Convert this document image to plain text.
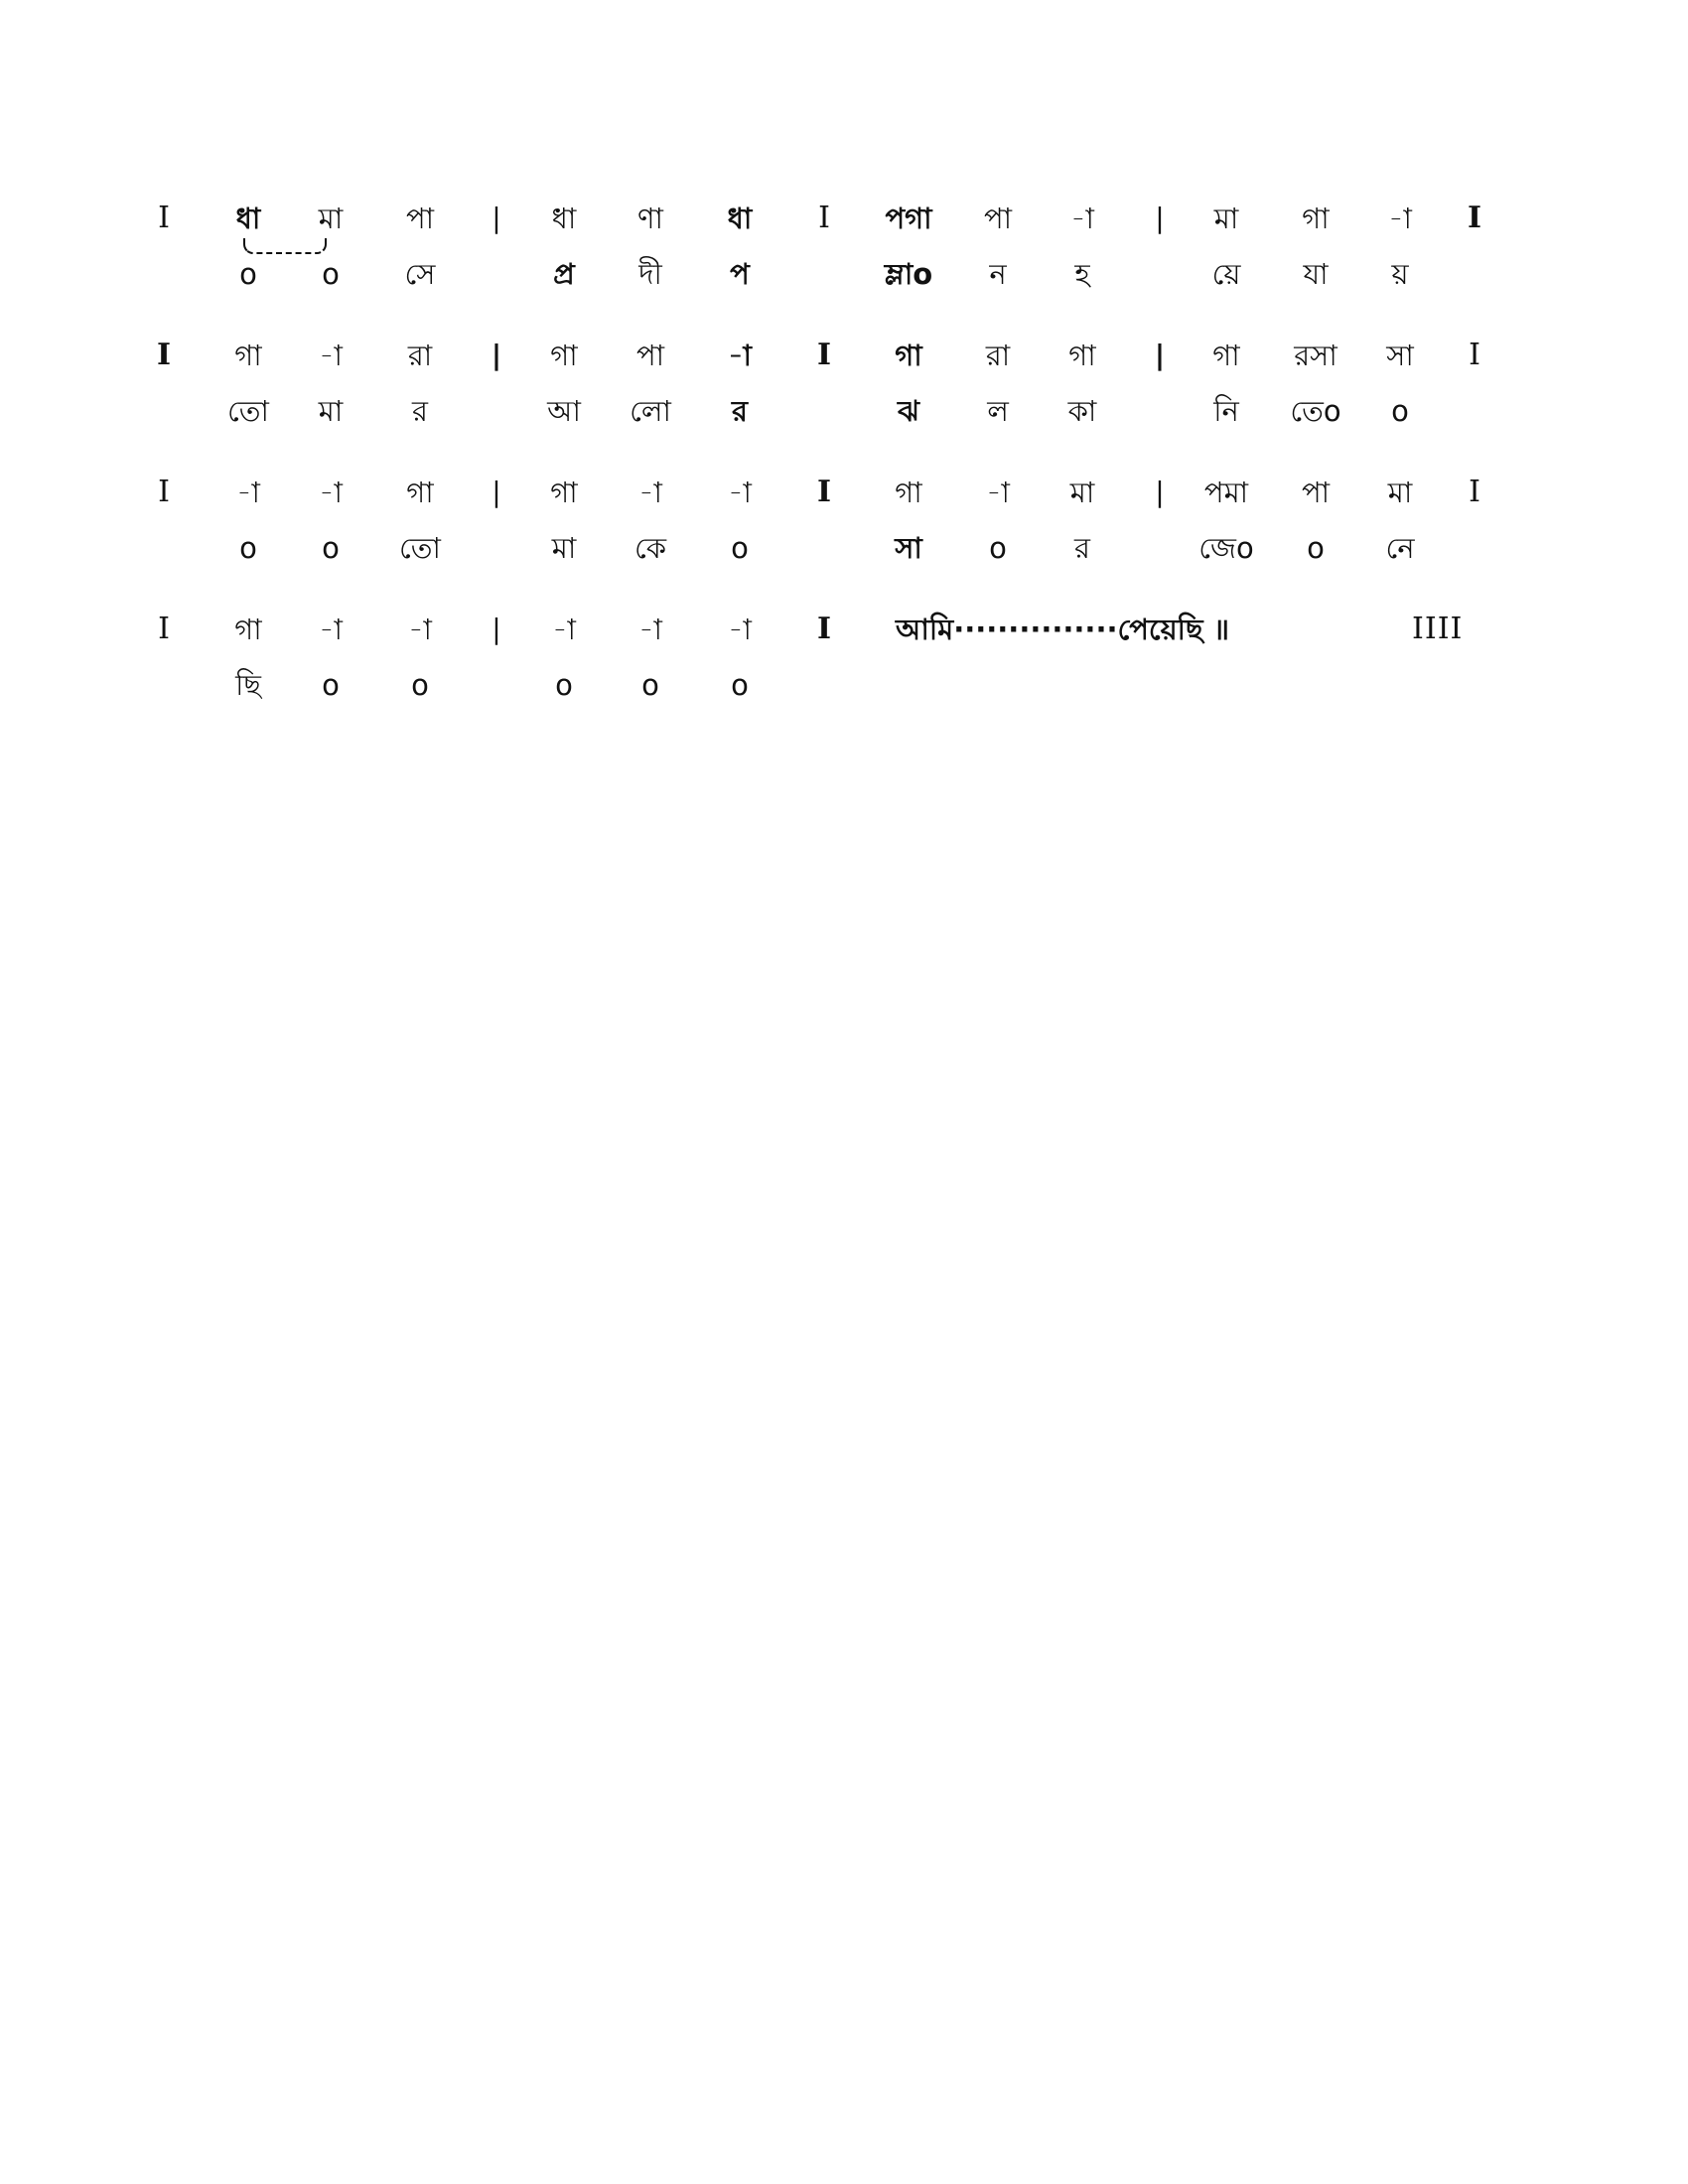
I	ধা	মা	পা	|	ধা	ণা	ধা	I	পগা	পা	-া	|	মা	গা	-া	I
o	o	সে	প্র	দী	প	ম্লাo	ন	হ	য়ে	যা	য়
I	গা	-া	রা	|	গা	পা	-া	I	গা	রা	গা	|	গা	রসা	সা	I
তো	মা	র	আ	লো	র	ঝ	ল	কা	নি	তেo	o
I	-া	-া	গা	|	গা	-া	-া	I	গা	-া	মা	|	পমা	পা	মা	I
o	o	তো	মা	কে	o	সা	o	র	জেo	o	নে
I	গা	-া	-া	|	-া	-া	-া	I আমি···············পেয়েছি ॥	IIII
ছি	o	o	o	o	o
